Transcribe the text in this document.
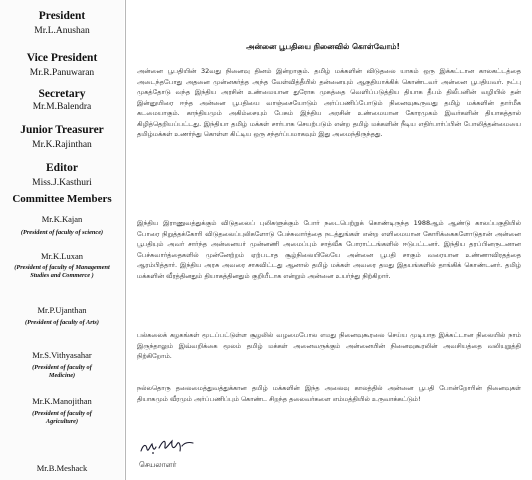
President
Mr.L.Anushan
Vice President
Mr.R.Panuwaran
Secretary
Mr.M.Balendra
Junior Treasurer
Mr.K.Rajinthan
Editor
Miss.J.Kasthuri
Committee Members
Mr.K.Kajan
(President of faculty of science)
Mr.K.Luxan
(President of faculty of Management Studies and Commerce )
Mr.P.Ujanthan
(President of faculty of Arts)
Mr.S.Vithyasahar
(President of faculty of Medicine)
Mr.K.Manojithan
(President of faculty of Agriculture)
Mr.B.Meshack
அன்னை பூபதியை நினைவில் கொள்வோம்!

அன்னை பூபதியின் 32வது நினைவு தினம் இன்றாகும். தமிழ் மக்களின் விடுதலை யாகம் ஒரு இக்கட்டான காலகட்டத்தை அடைந்தபோது அதனை முன்னகர்த்த அந்த வேள்வித்தீயில் தன்னையும் ஆகுதியாக்கிக் கொண்டவர் அன்னை பூபதியவர். நட்பு முகத்தோடு வந்த இந்திய அரசின் உண்மையான துரோக முகத்தை வெளிப்படுத்திய தியாக தீபம் திலீபனின் வழியில் தன் இன்னுயிரை ஈந்த அன்னை பூபதியை வாஞ்சையோடும் அர்ப்பணிப்போடும் நினைவுகூருவது தமிழ் மக்களின் தார்மீக கடமையாகும். காந்தியமும் அகிம்சையும் பேசும் இந்திய அரசின் உண்மையான கோரமுகம் இவர்களின் தியாகத்தால் கிழித்தெறியப்பட்டது. இந்தியா தமிழ் மக்கள் சார்பாக செயற்படும் என்ற தமிழ் மக்களின் நீடிய எதிர்பார்ப்பின் போலித்தன்மையை தமிழ்மக்கள் உணர்ந்து கொள்ள கிட்டிய ஒரு சந்தர்ப்பமாகவும் இது அமைந்திருந்தது.

இந்திய இராணுவத்துக்கும் விடுதலைப் புலிகளுக்கும் போர் நடைபெற்றுக் கொண்டிருந்த 1988ஆம் ஆண்டு காலப்பகுதியில் போரை நிறுத்தக்கோரி விடுதலைப்புலிகளோடு பேச்சுவார்த்தை நடத்துங்கள் என்ற எளிமையான கோரிக்கைகளோடுதான் அன்னை பூபதியும் அவர் சார்ந்த அன்னையர் முன்னணி அமைப்பும் சாத்வீக போராட்டங்களில் ஈடுபட்டனர். இந்திய தரப்பினருடனான பேச்சுவார்த்தைகளில் முன்னேற்றம் ஏற்படாத சூழ்நிலையிலேயே அன்னை பூபதி சாகும் வரையான உண்ணாவிரதத்தை ஆரம்பித்தார். இந்திய அரசு அவரை சாகவிட்டது ஆனால் தமிழ் மக்கள் அவரை தமது இதயங்களில் தாங்கிக் கொண்டனர். தமிழ் மக்களின் வீரத்தினதும் தியாகத்தினதும் குறியீடாக என்றும் அன்னை உயர்ந்து நிற்கிறார்.

பல்கலைக் கழகங்கள் மூடப்பட்டுள்ள சூழலில் வழமைபோல எமது நினைவுகூரலை செய்ய முடியாத இக்கட்டான நிலையில் நாம் இருந்தாலும் இவ்வறிக்கை மூலம் தமிழ் மக்கள் அனைவருக்கும் அன்னையின் நினைவுகூரலின் அவசியத்தை வலியுறுத்தி நிற்கிறோம்.

நல்லதொரு தலைமைத்துவத்துக்கான தமிழ் மக்களின் இந்த அலைவு காலத்தில் அன்னை பூபதி போன்றோரின் நினைவுகள் தியாகமும் வீரமும் அர்ப்பணிப்பும் கொண்ட சிறந்த தலைவர்களை எம்மத்தியில் உருவாக்கட்டும்!

செயலாளர்
